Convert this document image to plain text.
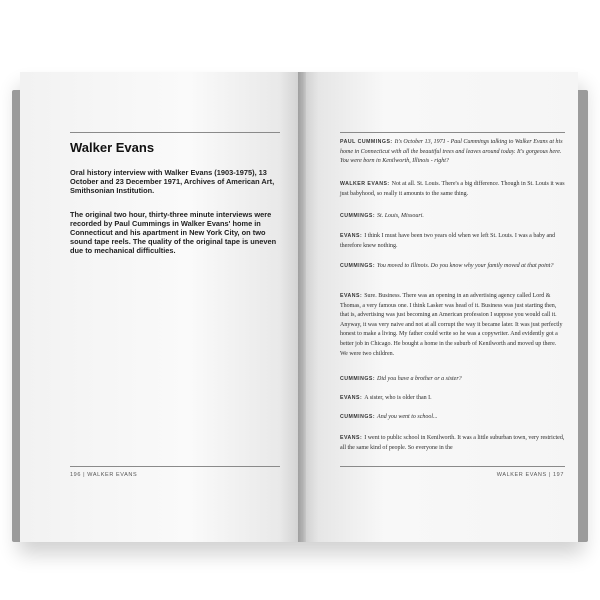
Walker Evans

Oral history interview with Walker Evans (1903-1975), 13 October and 23 December 1971, Archives of American Art, Smithsonian Institution.

The original two hour, thirty-three minute interviews were recorded by Paul Cummings in Walker Evans' home in Connecticut and his apartment in New York City, on two sound tape reels. The quality of the original tape is uneven due to mechanical difficulties.

196 | WALKER EVANS

PAUL CUMMINGS: It's October 13, 1971 - Paul Cummings talking to Walker Evans at his home in Connecticut with all the beautiful trees and leaves around today. It's gorgeous here. You were born in Kenilworth, Illinois - right?

WALKER EVANS: Not at all. St. Louis. There's a big difference. Though in St. Louis it was just babyhood, so really it amounts to the same thing.

CUMMINGS: St. Louis, Missouri.

EVANS: I think I must have been two years old when we left St. Louis. I was a baby and therefore knew nothing.

CUMMINGS: You moved to Illinois. Do you know why your family moved at that point?

EVANS: Sure. Business. There was an opening in an advertising agency called Lord & Thomas, a very famous one. I think Lasker was head of it. Business was just starting then, that is, advertising was just becoming an American profession I suppose you would call it. Anyway, it was very naive and not at all corrupt the way it became later. It was just perfectly honest to make a living. My father could write so he was a copywriter. And evidently got a better job in Chicago. He bought a home in the suburb of Kenilworth and moved up there. We were two children.

CUMMINGS: Did you have a brother or a sister?

EVANS: A sister, who is older than I.

CUMMINGS: And you went to school...

EVANS: I went to public school in Kenilworth. It was a little suburban town, very restricted, all the same kind of people. So everyone in the

WALKER EVANS | 197
